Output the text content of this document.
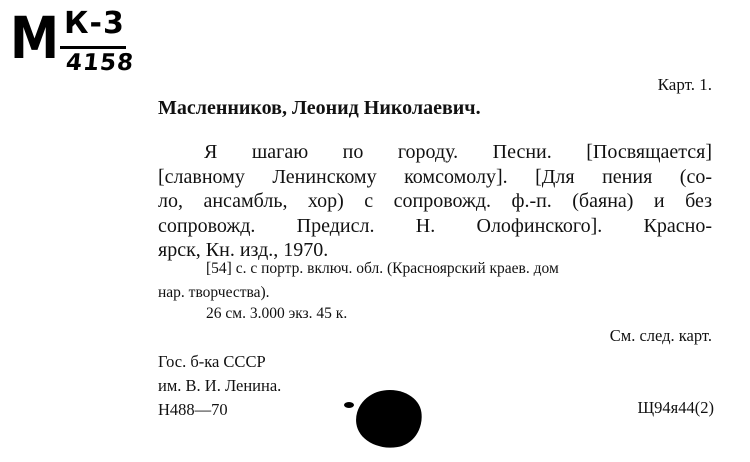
М К-3
4158
Карт. 1.
Масленников, Леонид Николаевич.
Я шагаю по городу. Песни. [Посвящается]
[славному Ленинскому комсомолу]. [Для пения (со-
ло, ансамбль, хор) с сопровожд. ф.-п. (баяна) и без
сопровожд. Предисл. Н. Олофинского]. Красно-
ярск, Кн. изд., 1970.
[54] с. с портр. включ. обл. (Красноярский краев. дом
нар. творчества).
26 см. 3.000 экз. 45 к.
См. след. карт.
Гос. б-ка СССР
им. В. И. Ленина.
Н488—70	Щ94я44(2)
